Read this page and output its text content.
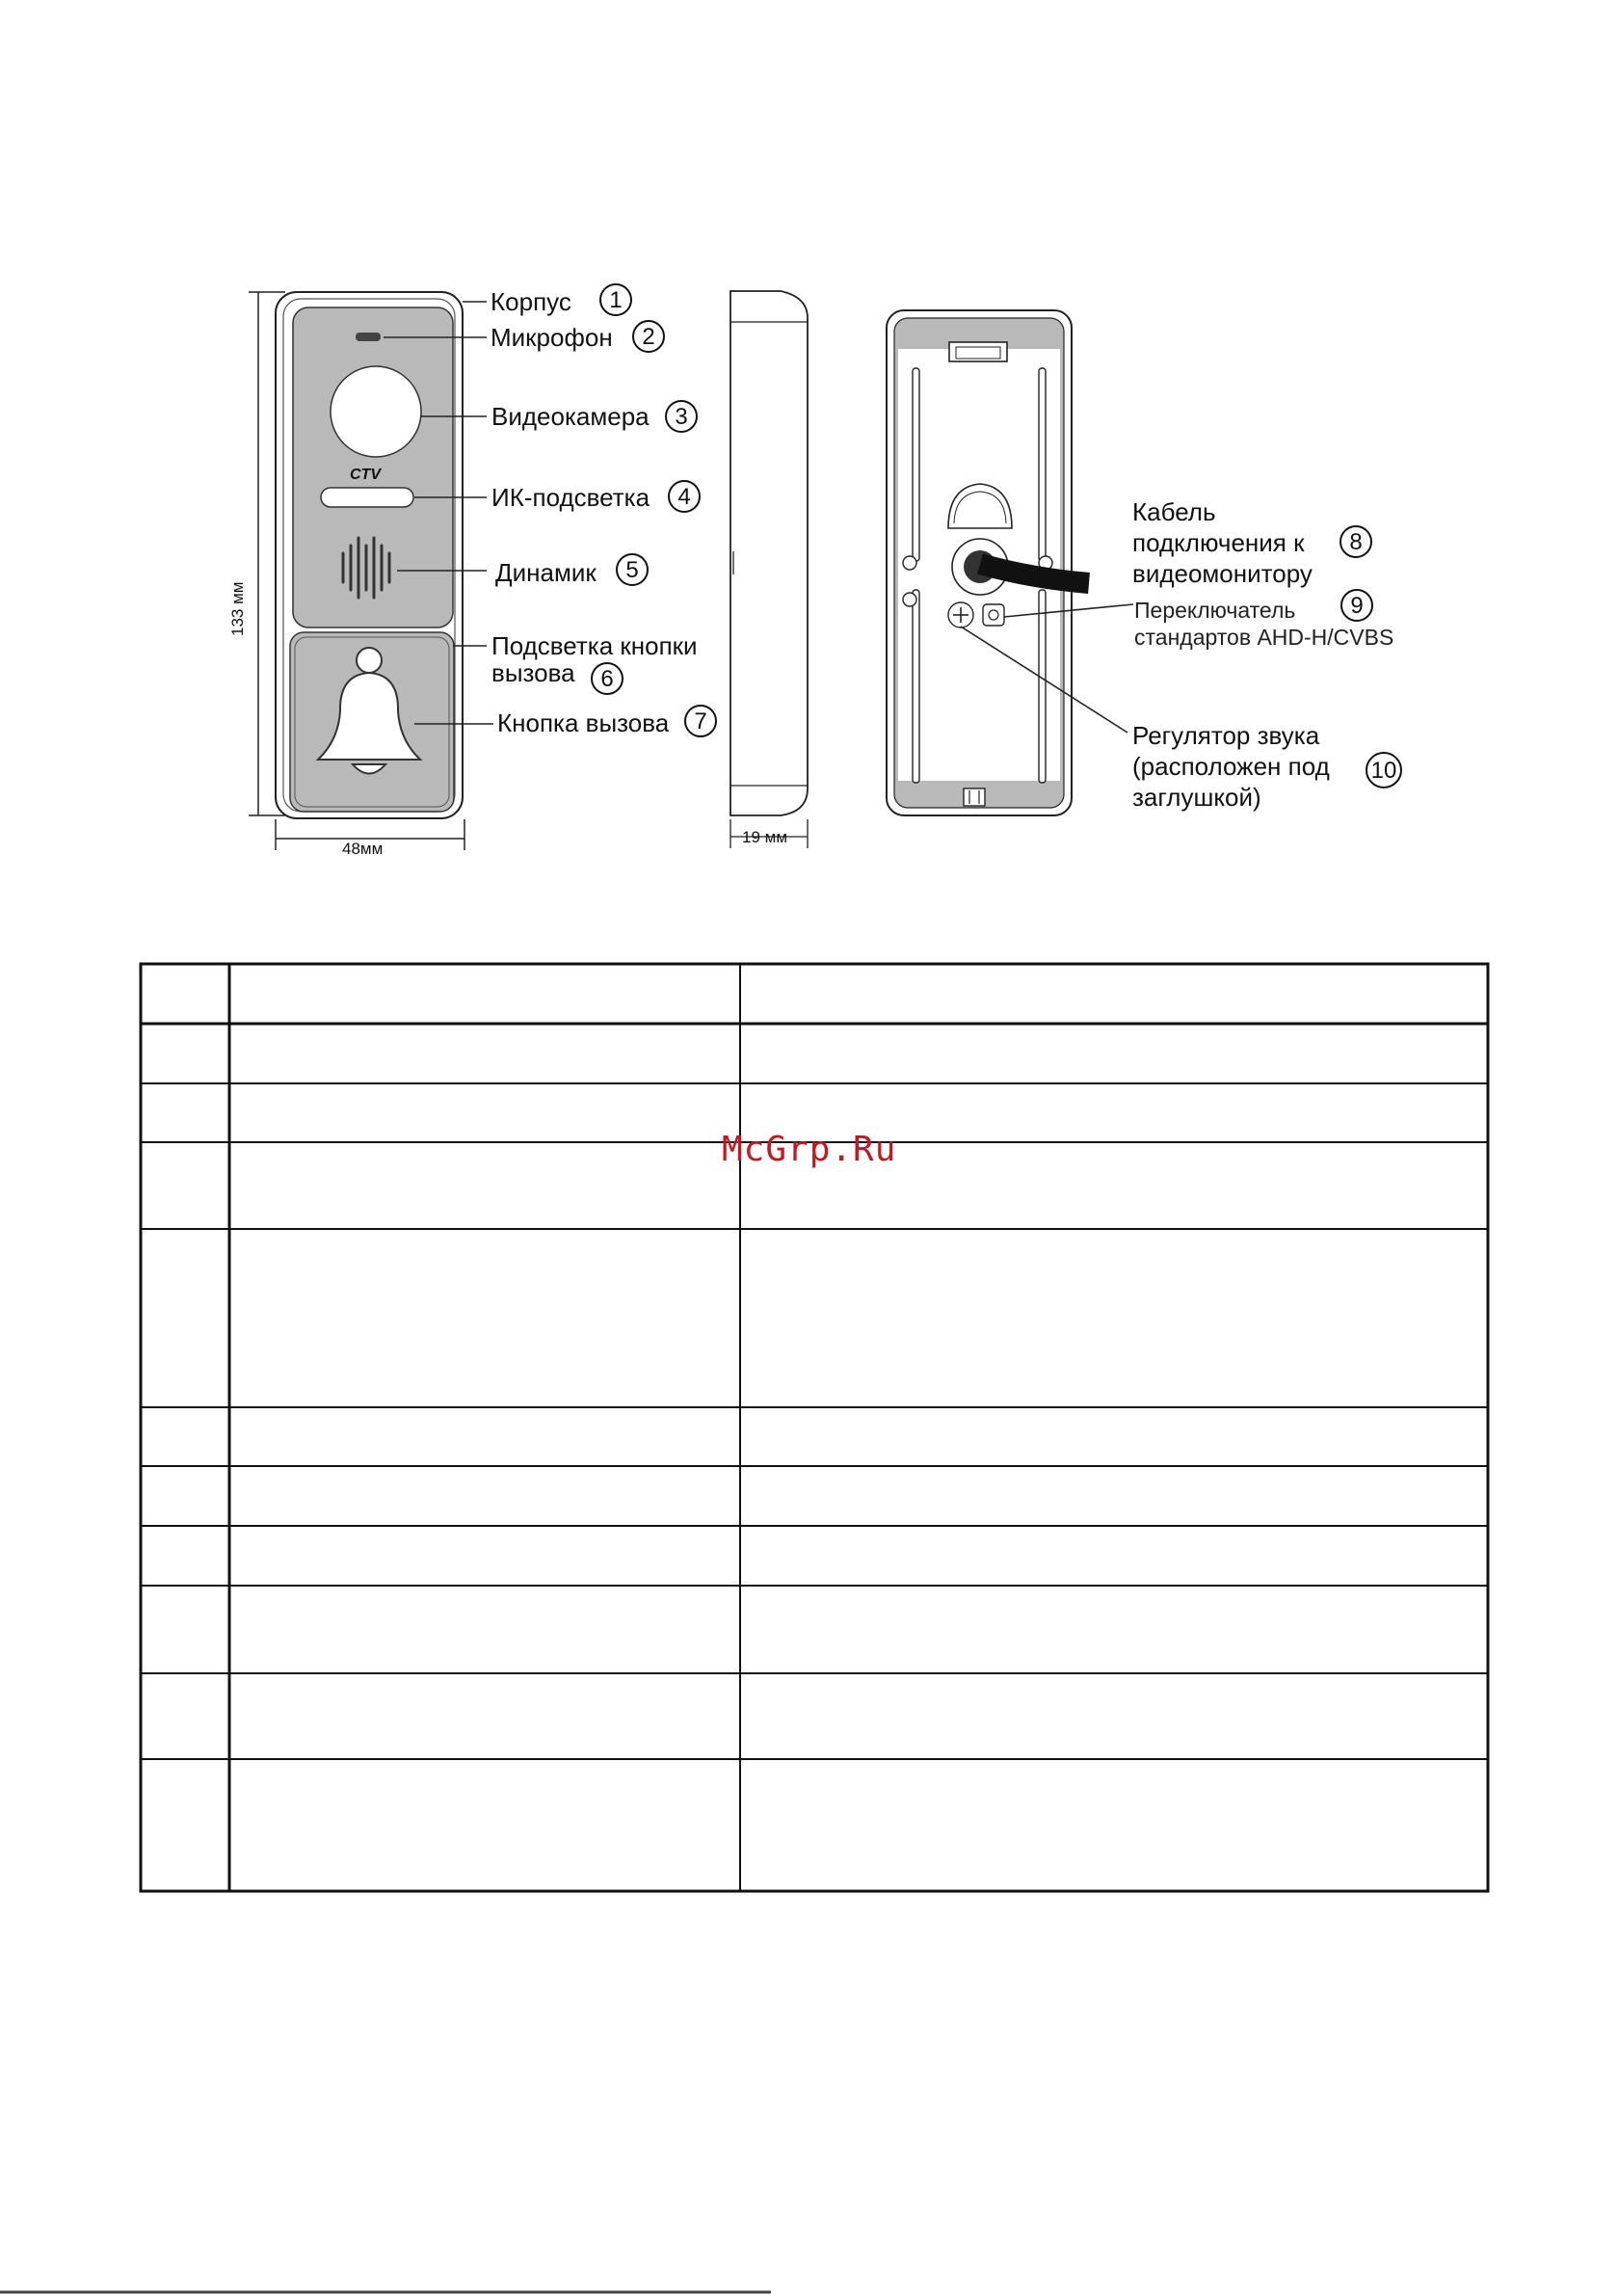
133 мм
48мм
CTV
Корпус 1
Микрофон 2
Видеокамера 3
ИК-подсветка 4
Динамик 5
Подсветка кнопки
вызова 6
Кнопка вызова 7
19 мм
Кабель
подключения к
видеомонитору
8
Переключатель
стандартов AHD-H/CVBS
9
Регулятор звука
(расположен под
заглушкой)
10
McGrp.Ru
